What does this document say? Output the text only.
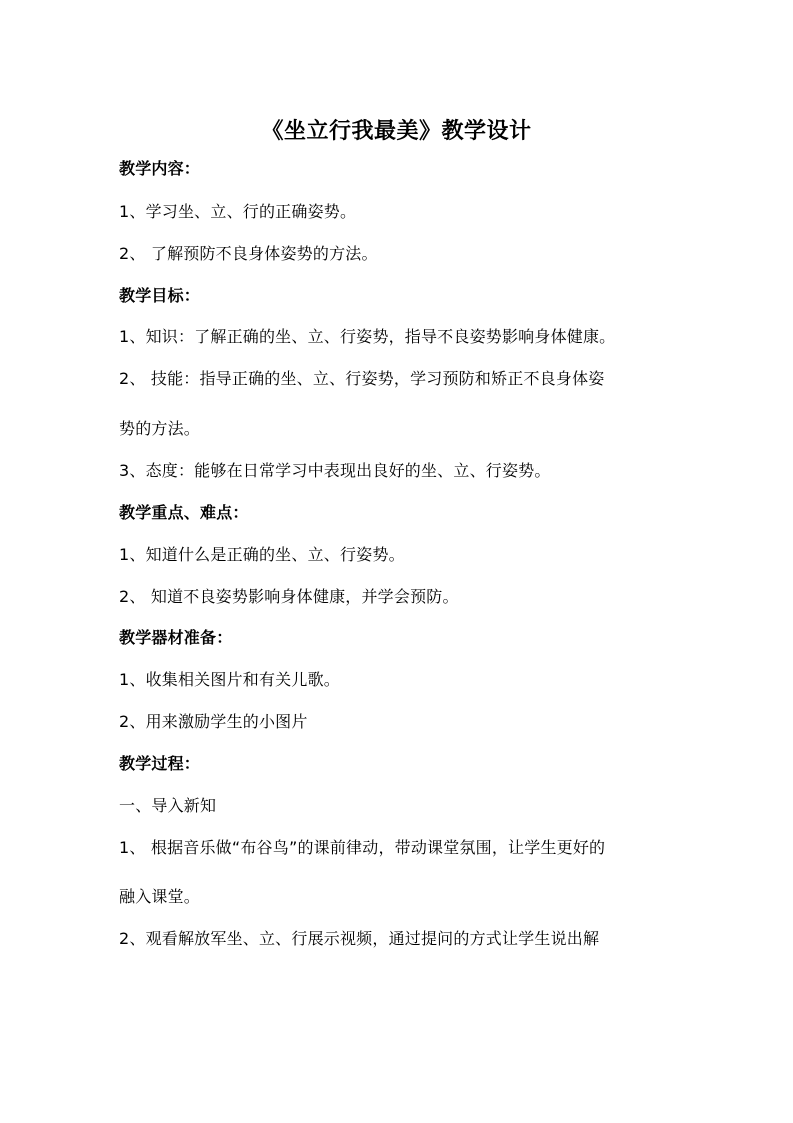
《坐立行我最美》教学设计
教学内容：
1、学习坐、立、行的正确姿势。
2、 了解预防不良身体姿势的方法。
教学目标：
1、知识：了解正确的坐、立、行姿势，指导不良姿势影响身体健康。
2、 技能：指导正确的坐、立、行姿势，学习预防和矫正不良身体姿
势的方法。
3、态度：能够在日常学习中表现出良好的坐、立、行姿势。
教学重点、难点：
1、知道什么是正确的坐、立、行姿势。
2、 知道不良姿势影响身体健康，并学会预防。
教学器材准备：
1、收集相关图片和有关儿歌。
2、用来激励学生的小图片
教学过程：
一、导入新知
1、 根据音乐做“布谷鸟”的课前律动，带动课堂氛围，让学生更好的
融入课堂。
2、观看解放军坐、立、行展示视频，通过提问的方式让学生说出解
